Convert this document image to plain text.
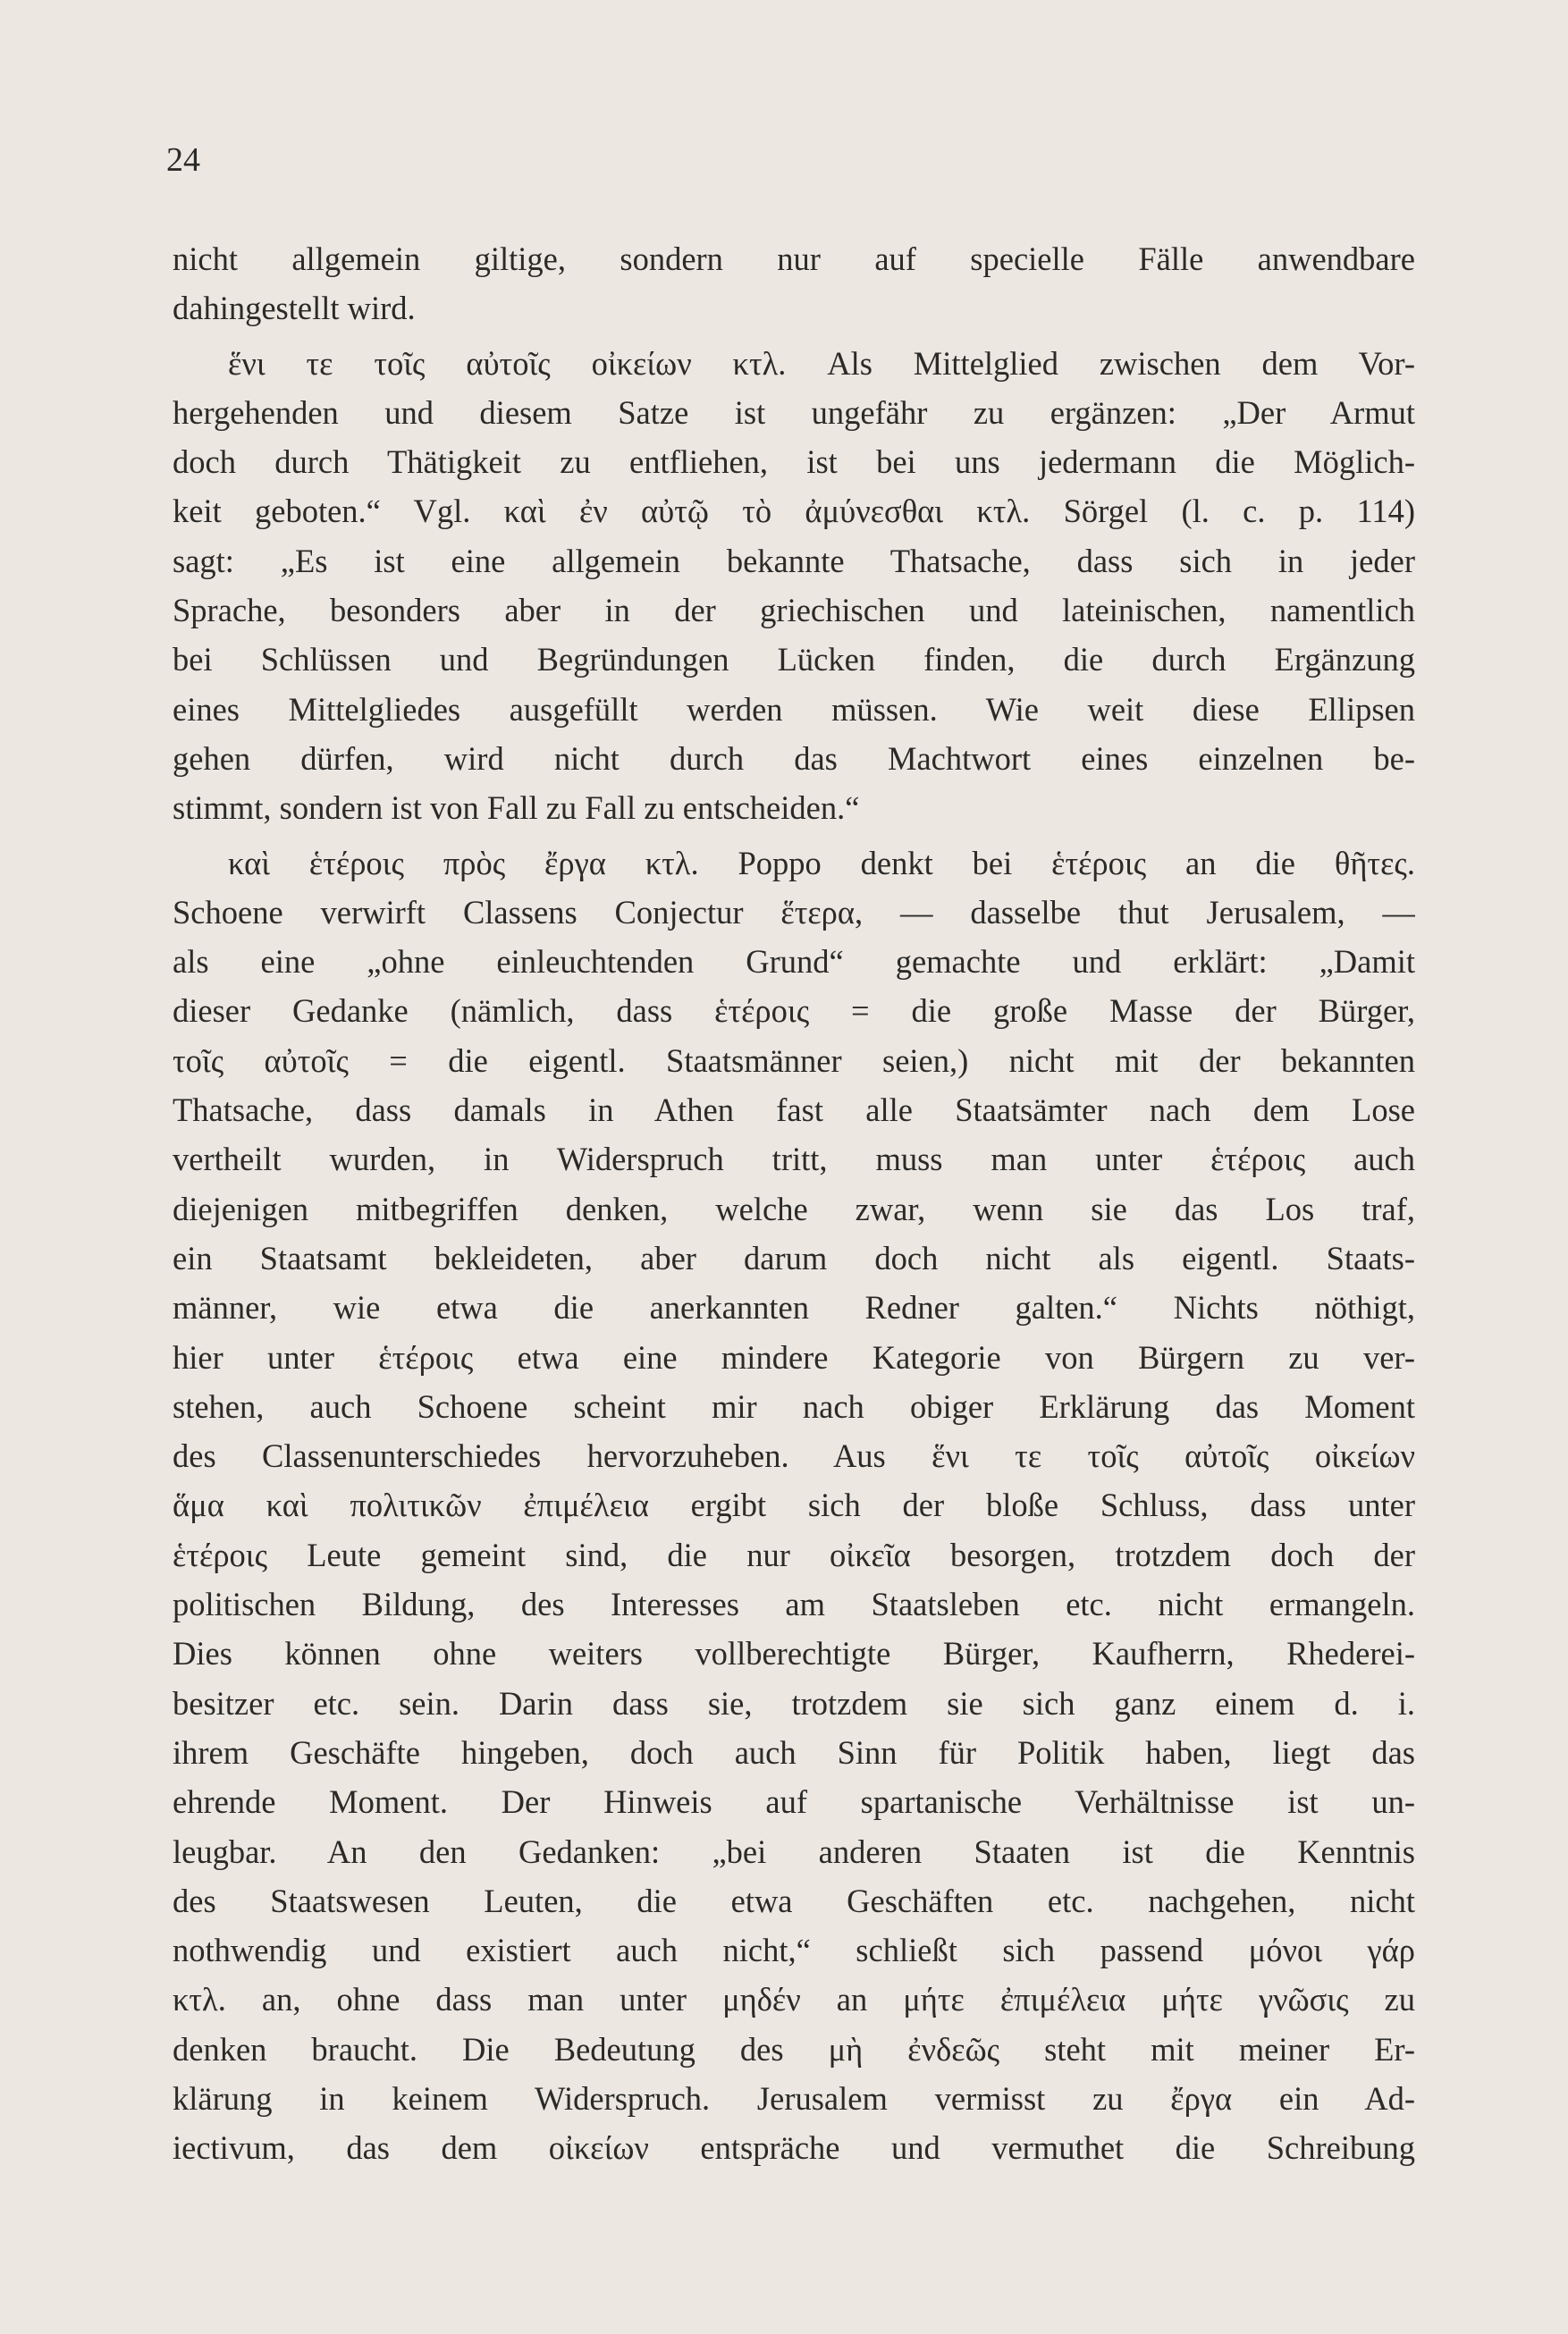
24
nicht allgemein giltige, sondern nur auf specielle Fälle anwendbare
dahingestellt wird.
ἕνι τε τοῖς αὐτοῖς οἰκείων κτλ. Als Mittelglied zwischen dem Vor-
hergehenden und diesem Satze ist ungefähr zu ergänzen: „Der Armut
doch durch Thätigkeit zu entfliehen, ist bei uns jedermann die Möglich-
keit geboten.“ Vgl. καὶ ἐν αὐτῷ τὸ ἀμύνεσθαι κτλ. Sörgel (l. c. p. 114)
sagt: „Es ist eine allgemein bekannte Thatsache, dass sich in jeder
Sprache, besonders aber in der griechischen und lateinischen, namentlich
bei Schlüssen und Begründungen Lücken finden, die durch Ergänzung
eines Mittelgliedes ausgefüllt werden müssen. Wie weit diese Ellipsen
gehen dürfen, wird nicht durch das Machtwort eines einzelnen be-
stimmt, sondern ist von Fall zu Fall zu entscheiden.“
καὶ ἑτέροις πρὸς ἔργα κτλ. Poppo denkt bei ἑτέροις an die θῆτες.
Schoene verwirft Classens Conjectur ἕτερα, — dasselbe thut Jerusalem, —
als eine „ohne einleuchtenden Grund“ gemachte und erklärt: „Damit
dieser Gedanke (nämlich, dass ἑτέροις = die große Masse der Bürger,
τοῖς αὐτοῖς = die eigentl. Staatsmänner seien,) nicht mit der bekannten
Thatsache, dass damals in Athen fast alle Staatsämter nach dem Lose
vertheilt wurden, in Widerspruch tritt, muss man unter ἑτέροις auch
diejenigen mitbegriffen denken, welche zwar, wenn sie das Los traf,
ein Staatsamt bekleideten, aber darum doch nicht als eigentl. Staats-
männer, wie etwa die anerkannten Redner galten.“ Nichts nöthigt,
hier unter ἑτέροις etwa eine mindere Kategorie von Bürgern zu ver-
stehen, auch Schoene scheint mir nach obiger Erklärung das Moment
des Classenunterschiedes hervorzuheben. Aus ἕνι τε τοῖς αὐτοῖς οἰκείων
ἅμα καὶ πολιτικῶν ἐπιμέλεια ergibt sich der bloße Schluss, dass unter
ἑτέροις Leute gemeint sind, die nur οἰκεῖα besorgen, trotzdem doch der
politischen Bildung, des Interesses am Staatsleben etc. nicht ermangeln.
Dies können ohne weiters vollberechtigte Bürger, Kaufherrn, Rhederei-
besitzer etc. sein. Darin dass sie, trotzdem sie sich ganz einem d. i.
ihrem Geschäfte hingeben, doch auch Sinn für Politik haben, liegt das
ehrende Moment. Der Hinweis auf spartanische Verhältnisse ist un-
leugbar. An den Gedanken: „bei anderen Staaten ist die Kenntnis
des Staatswesen Leuten, die etwa Geschäften etc. nachgehen, nicht
nothwendig und existiert auch nicht,“ schließt sich passend μόνοι γάρ
κτλ. an, ohne dass man unter μηδέν an μήτε ἐπιμέλεια μήτε γνῶσις zu
denken braucht. Die Bedeutung des μὴ ἐνδεῶς steht mit meiner Er-
klärung in keinem Widerspruch. Jerusalem vermisst zu ἔργα ein Ad-
iectivum, das dem οἰκείων entspräche und vermuthet die Schreibung
